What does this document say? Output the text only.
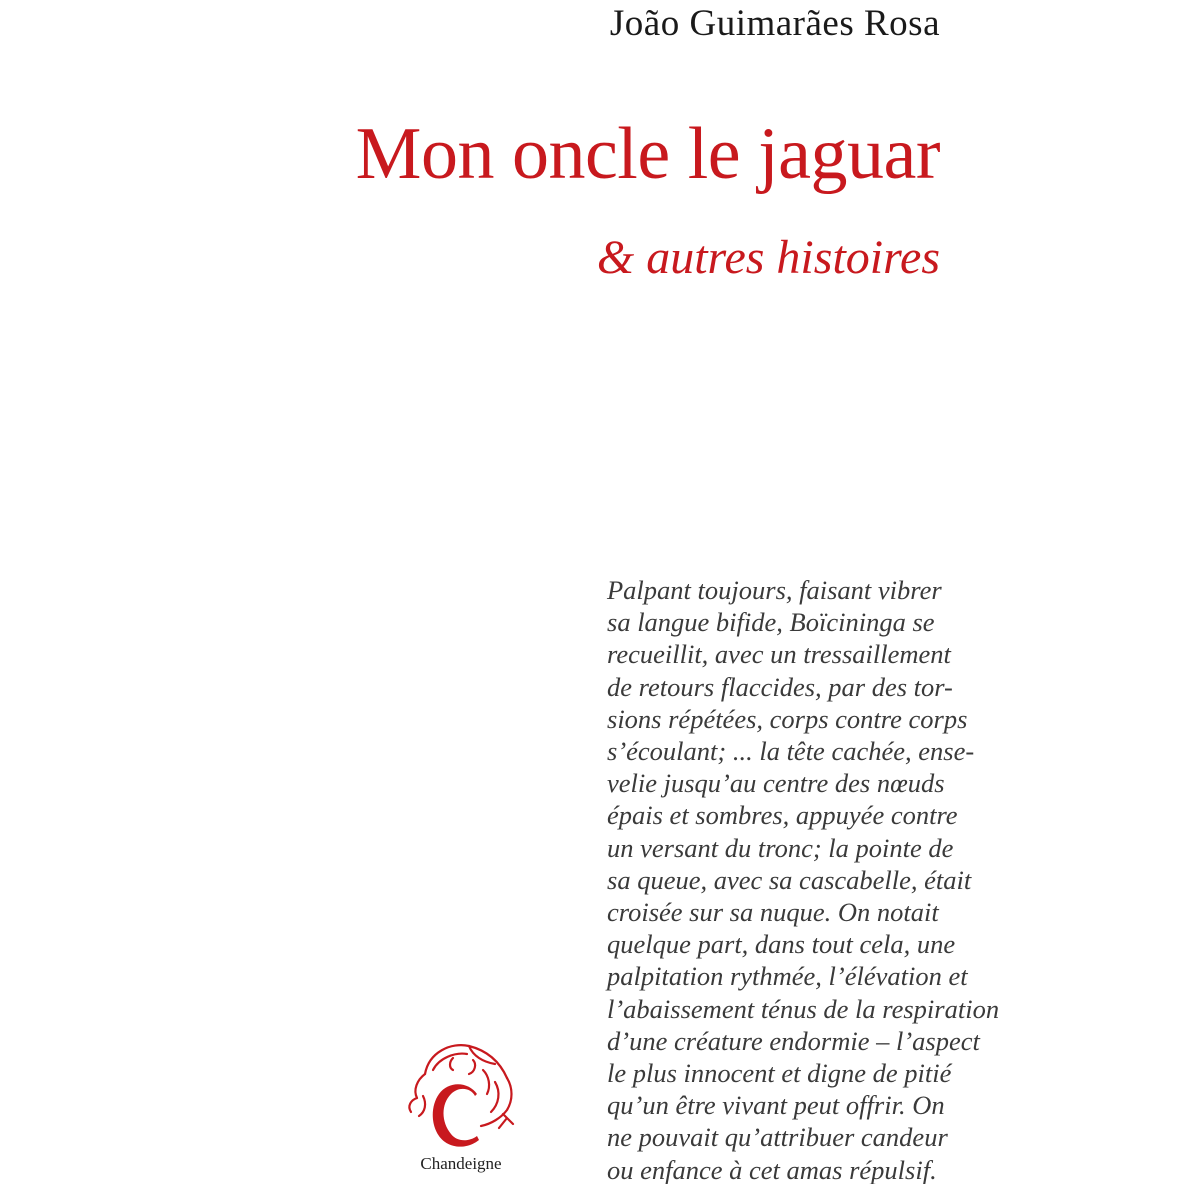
João Guimarães Rosa
Mon oncle le jaguar
& autres histoires
Palpant toujours, faisant vibrer
sa langue bifide, Boïcininga se
recueillit, avec un tressaillement
de retours flaccides, par des tor-
sions répétées, corps contre corps
s’écoulant; ... la tête cachée, ense-
velie jusqu’au centre des nœuds
épais et sombres, appuyée contre
un versant du tronc; la pointe de
sa queue, avec sa cascabelle, était
croisée sur sa nuque. On notait
quelque part, dans tout cela, une
palpitation rythmée, l’élévation et
l’abaissement ténus de la respiration
d’une créature endormie – l’aspect
le plus innocent et digne de pitié
qu’un être vivant peut offrir. On
ne pouvait qu’attribuer candeur
ou enfance à cet amas répulsif.
Chandeigne
